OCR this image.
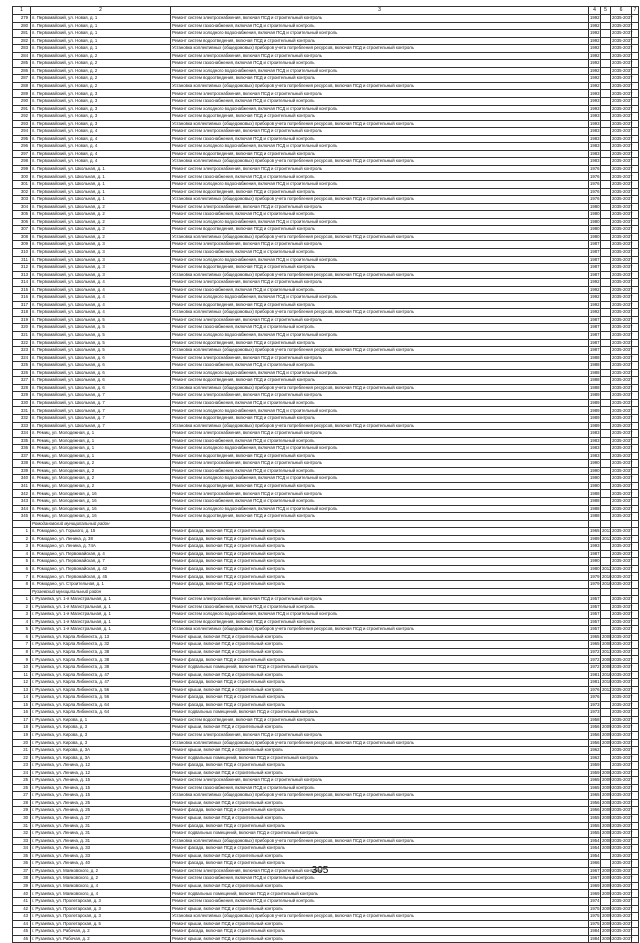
1	2	3	4	5	6	7
279	п. Первомайский, ул. Новая, д. 1	Ремонт систем электроснабжения, включая ПСД и строительный контроль	1992		2035-2037	
280	п. Первомайский, ул. Новая, д. 1	Ремонт систем газоснабжения, включая ПСД и строительный контроль	1992		2035-2037	
281	п. Первомайский, ул. Новая, д. 1	Ремонт систем холодного водоснабжения, включая ПСД и строительный контроль	1992		2035-2037	
282	п. Первомайский, ул. Новая, д. 1	Ремонт систем водоотведения, включая ПСД и строительный контроль	1992		2035-2037	
283	п. Первомайский, ул. Новая, д. 1	Установка коллективных (общедомовых) приборов учета потребления ресурсов, включая ПСД и строительный контроль	1992		2035-2037	
284	п. Первомайский, ул. Новая, д. 2	Ремонт систем электроснабжения, включая ПСД и строительный контроль	1992		2035-2037	
285	п. Первомайский, ул. Новая, д. 2	Ремонт систем газоснабжения, включая ПСД и строительный контроль	1992		2035-2037	
286	п. Первомайский, ул. Новая, д. 2	Ремонт систем холодного водоснабжения, включая ПСД и строительный контроль	1992		2035-2037	
287	п. Первомайский, ул. Новая, д. 2	Ремонт систем водоотведения, включая ПСД и строительный контроль	1992		2035-2037	
288	п. Первомайский, ул. Новая, д. 2	Установка коллективных (общедомовых) приборов учета потребления ресурсов, включая ПСД и строительный контроль	1992		2035-2037	
289	п. Первомайский, ул. Новая, д. 3	Ремонт систем электроснабжения, включая ПСД и строительный контроль	1993		2035-2037	
290	п. Первомайский, ул. Новая, д. 3	Ремонт систем газоснабжения, включая ПСД и строительный контроль	1993		2035-2037	
291	п. Первомайский, ул. Новая, д. 3	Ремонт систем холодного водоснабжения, включая ПСД и строительный контроль	1993		2035-2037	
292	п. Первомайский, ул. Новая, д. 3	Ремонт систем водоотведения, включая ПСД и строительный контроль	1993		2035-2037	
293	п. Первомайский, ул. Новая, д. 3	Установка коллективных (общедомовых) приборов учета потребления ресурсов, включая ПСД и строительный контроль	1993		2035-2037	
294	п. Первомайский, ул. Новая, д. 4	Ремонт систем электроснабжения, включая ПСД и строительный контроль	1983		2035-2037	
295	п. Первомайский, ул. Новая, д. 4	Ремонт систем газоснабжения, включая ПСД и строительный контроль	1983		2035-2037	
296	п. Первомайский, ул. Новая, д. 4	Ремонт систем холодного водоснабжения, включая ПСД и строительный контроль	1983		2035-2037	
297	п. Первомайский, ул. Новая, д. 4	Ремонт систем водоотведения, включая ПСД и строительный контроль	1983		2035-2037	
298	п. Первомайский, ул. Новая, д. 4	Установка коллективных (общедомовых) приборов учета потребления ресурсов, включая ПСД и строительный контроль	1983		2035-2037	
299	п. Первомайский, ул. Школьная, д. 1	Ремонт систем электроснабжения, включая ПСД и строительный контроль	1976		2035-2037	
300	п. Первомайский, ул. Школьная, д. 1	Ремонт систем газоснабжения, включая ПСД и строительный контроль	1976		2035-2037	
301	п. Первомайский, ул. Школьная, д. 1	Ремонт систем холодного водоснабжения, включая ПСД и строительный контроль	1976		2035-2037	
302	п. Первомайский, ул. Школьная, д. 1	Ремонт систем водоотведения, включая ПСД и строительный контроль	1976		2035-2037	
303	п. Первомайский, ул. Школьная, д. 1	Установка коллективных (общедомовых) приборов учета потребления ресурсов, включая ПСД и строительный контроль	1976		2035-2037	
304	п. Первомайский, ул. Школьная, д. 2	Ремонт систем электроснабжения, включая ПСД и строительный контроль	1980		2035-2037	
305	п. Первомайский, ул. Школьная, д. 2	Ремонт систем газоснабжения, включая ПСД и строительный контроль	1980		2035-2037	
306	п. Первомайский, ул. Школьная, д. 2	Ремонт систем холодного водоснабжения, включая ПСД и строительный контроль	1980		2035-2037	
307	п. Первомайский, ул. Школьная, д. 2	Ремонт систем водоотведения, включая ПСД и строительный контроль	1980		2035-2037	
308	п. Первомайский, ул. Школьная, д. 2	Установка коллективных (общедомовых) приборов учета потребления ресурсов, включая ПСД и строительный контроль	1980		2035-2037	
309	п. Первомайский, ул. Школьная, д. 3	Ремонт систем электроснабжения, включая ПСД и строительный контроль	1987		2035-2037	
310	п. Первомайский, ул. Школьная, д. 3	Ремонт систем газоснабжения, включая ПСД и строительный контроль	1987		2035-2037	
311	п. Первомайский, ул. Школьная, д. 3	Ремонт систем холодного водоснабжения, включая ПСД и строительный контроль	1987		2035-2037	
312	п. Первомайский, ул. Школьная, д. 3	Ремонт систем водоотведения, включая ПСД и строительный контроль	1987		2035-2037	
313	п. Первомайский, ул. Школьная, д. 3	Установка коллективных (общедомовых) приборов учета потребления ресурсов, включая ПСД и строительный контроль	1987		2035-2037	
314	п. Первомайский, ул. Школьная, д. 4	Ремонт систем электроснабжения, включая ПСД и строительный контроль	1992		2035-2037	
315	п. Первомайский, ул. Школьная, д. 4	Ремонт систем газоснабжения, включая ПСД и строительный контроль	1992		2035-2037	
316	п. Первомайский, ул. Школьная, д. 4	Ремонт систем холодного водоснабжения, включая ПСД и строительный контроль	1992		2035-2037	
317	п. Первомайский, ул. Школьная, д. 4	Ремонт систем водоотведения, включая ПСД и строительный контроль	1992		2035-2037	
318	п. Первомайский, ул. Школьная, д. 4	Установка коллективных (общедомовых) приборов учета потребления ресурсов, включая ПСД и строительный контроль	1992		2035-2037	
319	п. Первомайский, ул. Школьная, д. 5	Ремонт систем электроснабжения, включая ПСД и строительный контроль	1987		2035-2037	
320	п. Первомайский, ул. Школьная, д. 5	Ремонт систем газоснабжения, включая ПСД и строительный контроль	1987		2035-2037	
321	п. Первомайский, ул. Школьная, д. 5	Ремонт систем холодного водоснабжения, включая ПСД и строительный контроль	1987		2035-2037	
322	п. Первомайский, ул. Школьная, д. 5	Ремонт систем водоотведения, включая ПСД и строительный контроль	1987		2035-2037	
323	п. Первомайский, ул. Школьная, д. 5	Установка коллективных (общедомовых) приборов учета потребления ресурсов, включая ПСД и строительный контроль	1987		2035-2037	
324	п. Первомайский, ул. Школьная, д. 6	Ремонт систем электроснабжения, включая ПСД и строительный контроль	1988		2035-2037	
325	п. Первомайский, ул. Школьная, д. 6	Ремонт систем газоснабжения, включая ПСД и строительный контроль	1988		2035-2037	
326	п. Первомайский, ул. Школьная, д. 6	Ремонт систем холодного водоснабжения, включая ПСД и строительный контроль	1988		2035-2037	
327	п. Первомайский, ул. Школьная, д. 6	Ремонт систем водоотведения, включая ПСД и строительный контроль	1988		2035-2037	
328	п. Первомайский, ул. Школьная, д. 6	Установка коллективных (общедомовых) приборов учета потребления ресурсов, включая ПСД и строительный контроль	1988		2035-2037	
329	п. Первомайский, ул. Школьная, д. 7	Ремонт систем электроснабжения, включая ПСД и строительный контроль	1989		2035-2037	
330	п. Первомайский, ул. Школьная, д. 7	Ремонт систем газоснабжения, включая ПСД и строительный контроль	1989		2035-2037	
331	п. Первомайский, ул. Школьная, д. 7	Ремонт систем холодного водоснабжения, включая ПСД и строительный контроль	1989		2035-2037	
332	п. Первомайский, ул. Школьная, д. 7	Ремонт систем водоотведения, включая ПСД и строительный контроль	1989		2035-2037	
333	п. Первомайский, ул. Школьная, д. 7	Установка коллективных (общедомовых) приборов учета потребления ресурсов, включая ПСД и строительный контроль	1989		2035-2037	
334	п. Ремиц, ул. Молодежная, д. 1	Ремонт систем электроснабжения, включая ПСД и строительный контроль	1983		2035-2037	
335	п. Ремиц, ул. Молодежная, д. 1	Ремонт систем газоснабжения, включая ПСД и строительный контроль	1983		2035-2037	
336	п. Ремиц, ул. Молодежная, д. 1	Ремонт систем холодного водоснабжения, включая ПСД и строительный контроль	1983		2035-2037	
337	п. Ремиц, ул. Молодежная, д. 1	Ремонт систем водоотведения, включая ПСД и строительный контроль	1983		2035-2037	
338	п. Ремиц, ул. Молодежная, д. 2	Ремонт систем электроснабжения, включая ПСД и строительный контроль	1990		2035-2037	
339	п. Ремиц, ул. Молодежная, д. 2	Ремонт систем газоснабжения, включая ПСД и строительный контроль	1990		2035-2037	
340	п. Ремиц, ул. Молодежная, д. 2	Ремонт систем холодного водоснабжения, включая ПСД и строительный контроль	1990		2035-2037	
341	п. Ремиц, ул. Молодежная, д. 2	Ремонт систем водоотведения, включая ПСД и строительный контроль	1990		2035-2037	
342	п. Ремиц, ул. Молодежная, д. 16	Ремонт систем электроснабжения, включая ПСД и строительный контроль	1988		2035-2037	
343	п. Ремиц, ул. Молодежная, д. 16	Ремонт систем газоснабжения, включая ПСД и строительный контроль	1988		2035-2037	
344	п. Ремиц, ул. Молодежная, д. 16	Ремонт систем холодного водоснабжения, включая ПСД и строительный контроль	1988		2035-2037	
345	п. Ремиц, ул. Молодежная, д. 16	Ремонт систем водоотведения, включая ПСД и строительный контроль	1988		2035-2037	
	Ромодановский муниципальный район					
1	п. Ромодано, ул. Горького, д. 15	Ремонт фасада, включая ПСД и строительный контроль	1965	2011	2035-2037	
2	п. Ромодано, ул. Ленина, д. 38	Ремонт фасада, включая ПСД и строительный контроль	1989	2011	2035-2037	
3	п. Ромодано, ул. Ленина, д. 74А	Ремонт фасада, включая ПСД и строительный контроль	1993		2035-2037	
4	п. Ромодано, ул. Первомайская, д. 4	Ремонт фасада, включая ПСД и строительный контроль	1987		2035-2037	
5	п. Ромодано, ул. Первомайская, д. 7	Ремонт фасада, включая ПСД и строительный контроль	1990		2035-2037	
6	п. Ромодано, ул. Первомайская, д. 42	Ремонт фасада, включая ПСД и строительный контроль	1980	2012	2035-2037	
7	п. Ромодано, ул. Первомайская, д. 45	Ремонт фасада, включая ПСД и строительный контроль	1979	2010	2035-2037	
8	п. Ромодано, ул. Строительная, д. 1	Ремонт фасада, включая ПСД и строительный контроль	1979	2010	2035-2037	
	Рузаевский муниципальный район					
1	г. Рузаевка, ул. 1-я Магистральная, д. 1	Ремонт систем электроснабжения, включая ПСД и строительный контроль	1957		2035-2037	
2	г. Рузаевка, ул. 1-я Магистральная, д. 1	Ремонт систем газоснабжения, включая ПСД и строительный контроль	1957		2035-2037	
3	г. Рузаевка, ул. 1-я Магистральная, д. 1	Ремонт систем холодного водоснабжения, включая ПСД и строительный контроль	1957		2035-2037	
4	г. Рузаевка, ул. 1-я Магистральная, д. 1	Ремонт систем водоотведения, включая ПСД и строительный контроль	1957		2035-2037	
5	г. Рузаевка, ул. 1-я Магистральная, д. 1	Установка коллективных (общедомовых) приборов учета потребления ресурсов, включая ПСД и строительный контроль	1957		2035-2037	
6	г. Рузаевка, ул. Карла Либкнехта, д. 13	Ремонт крыши, включая ПСД и строительный контроль	1965	2008	2035-2037	
7	г. Рузаевка, ул. Карла Либкнехта, д. 32	Ремонт крыши, включая ПСД и строительный контроль	1965	2008	2035-2037	
8	г. Рузаевка, ул. Карла Либкнехта, д. 38	Ремонт крыши, включая ПСД и строительный контроль	1972	2013	2035-2037	
9	г. Рузаевка, ул. Карла Либкнехта, д. 38	Ремонт фасада, включая ПСД и строительный контроль	1972	2008	2035-2037	
10	г. Рузаевка, ул. Карла Либкнехта, д. 38	Ремонт подвальных помещений, включая ПСД и строительный контроль	1972	2008	2035-2037	
11	г. Рузаевка, ул. Карла Либкнехта, д. 47	Ремонт крыши, включая ПСД и строительный контроль	1981	2010	2035-2037	
12	г. Рузаевка, ул. Карла Либкнехта, д. 47	Ремонт фасада, включая ПСД и строительный контроль	1981	2010	2035-2037	
13	г. Рузаевка, ул. Карла Либкнехта, д. 56	Ремонт крыши, включая ПСД и строительный контроль	1976	2012	2035-2037	
14	г. Рузаевка, ул. Карла Либкнехта, д. 56	Ремонт фасада, включая ПСД и строительный контроль	1976		2035-2037	
15	г. Рузаевка, ул. Карла Либкнехта, д. 64	Ремонт фасада, включая ПСД и строительный контроль	1973		2035-2037	
16	г. Рузаевка, ул. Карла Либкнехта, д. 64	Ремонт подвальных помещений, включая ПСД и строительный контроль	1973		2035-2037	
17	г. Рузаевка, ул. Кирова, д. 1	Ремонт систем водоотведения, включая ПСД и строительный контроль	1958		2035-2037	
18	г. Рузаевка, ул. Кирова, д. 3	Ремонт крыши, включая ПСД и строительный контроль	1956	2009	2035-2037	
19	г. Рузаевка, ул. Кирова, д. 3	Ремонт систем электроснабжения, включая ПСД и строительный контроль	1956	2009	2035-2037	
20	г. Рузаевка, ул. Кирова, д. 3	Установка коллективных (общедомовых) приборов учета потребления ресурсов, включая ПСД и строительный контроль	1956	2009	2035-2037	
21	г. Рузаевка, ул. Кирова, д. 3А	Ремонт крыши, включая ПСД и строительный контроль	1962		2035-2037	
22	г. Рузаевка, ул. Кирова, д. 3А	Ремонт подвальных помещений, включая ПСД и строительный контроль	1962		2035-2037	
23	г. Рузаевка, ул. Ленина, д. 12	Ремонт фасада, включая ПСД и строительный контроль	1959		2035-2037	
24	г. Рузаевка, ул. Ленина, д. 12	Ремонт крыши, включая ПСД и строительный контроль	1959	2006	2035-2037	
25	г. Рузаевка, ул. Ленина, д. 15	Ремонт систем электроснабжения, включая ПСД и строительный контроль	1965	2009	2035-2037	
26	г. Рузаевка, ул. Ленина, д. 15	Ремонт систем газоснабжения, включая ПСД и строительный контроль	1965	2009	2035-2037	
27	г. Рузаевка, ул. Ленина, д. 15	Установка коллективных (общедомовых) приборов учета потребления ресурсов, включая ПСД и строительный контроль	1965	2009	2035-2037	
28	г. Рузаевка, ул. Ленина, д. 25	Ремонт крыши, включая ПСД и строительный контроль	1956	2008	2035-2037	
29	г. Рузаевка, ул. Ленина, д. 25	Ремонт фасада, включая ПСД и строительный контроль	1956	2008	2035-2037	
30	г. Рузаевка, ул. Ленина, д. 27	Ремонт крыши, включая ПСД и строительный контроль	1955	2008	2035-2037	
31	г. Рузаевка, ул. Ленина, д. 31	Ремонт фасада, включая ПСД и строительный контроль	1955	2008	2035-2037	
32	г. Рузаевка, ул. Ленина, д. 31	Ремонт подвальных помещений, включая ПСД и строительный контроль	1955	2008	2035-2037	
33	г. Рузаевка, ул. Ленина, д. 31	Установка коллективных (общедомовых) приборов учета потребления ресурсов, включая ПСД и строительный контроль	1954	2008	2035-2037	
34	г. Рузаевка, ул. Ленина, д. 33	Ремонт фасада, включая ПСД и строительный контроль	1954	2008	2035-2037	
35	г. Рузаевка, ул. Ленина, д. 33	Ремонт крыши, включая ПСД и строительный контроль	1954		2035-2037	
36	г. Рузаевка, ул. Ленина, д. 40	Ремонт фасада, включая ПСД и строительный контроль	1966		2035-2037	
37	г. Рузаевка, ул. Маяковского, д. 2	Ремонт систем электроснабжения, включая ПСД и строительный контроль	1967	2009	2035-2037	
38	г. Рузаевка, ул. Маяковского, д. 2	Ремонт систем газоснабжения, включая ПСД и строительный контроль	1967	2009	2035-2037	
39	г. Рузаевка, ул. Маяковского, д. 4	Ремонт крыши, включая ПСД и строительный контроль	1969	2009	2035-2037	
40	г. Рузаевка, ул. Маяковского, д. 4	Ремонт подвальных помещений, включая ПСД и строительный контроль	1969	2009	2035-2037	
41	г. Рузаевка, ул. Пролетарская, д. 3	Ремонт систем газоснабжения, включая ПСД и строительный контроль	1974		2035-2037	
42	г. Рузаевка, ул. Пролетарская, д. 3	Ремонт крыши, включая ПСД и строительный контроль	1975	2009	2035-2037	
43	г. Рузаевка, ул. Пролетарская, д. 3	Установка коллективных (общедомовых) приборов учета потребления ресурсов, включая ПСД и строительный контроль	1975	2009	2035-2037	
44	г. Рузаевка, ул. Пролетарская, д. 5	Ремонт крыши, включая ПСД и строительный контроль	1975	2009	2035-2037	
45	г. Рузаевка, ул. Рабочая, д. 2	Ремонт фасада, включая ПСД и строительный контроль	1984	2009	2035-2037	
46	г. Рузаевка, ул. Рабочая, д. 2	Ремонт крыши, включая ПСД и строительный контроль	1984	2006	2035-2037	
305
